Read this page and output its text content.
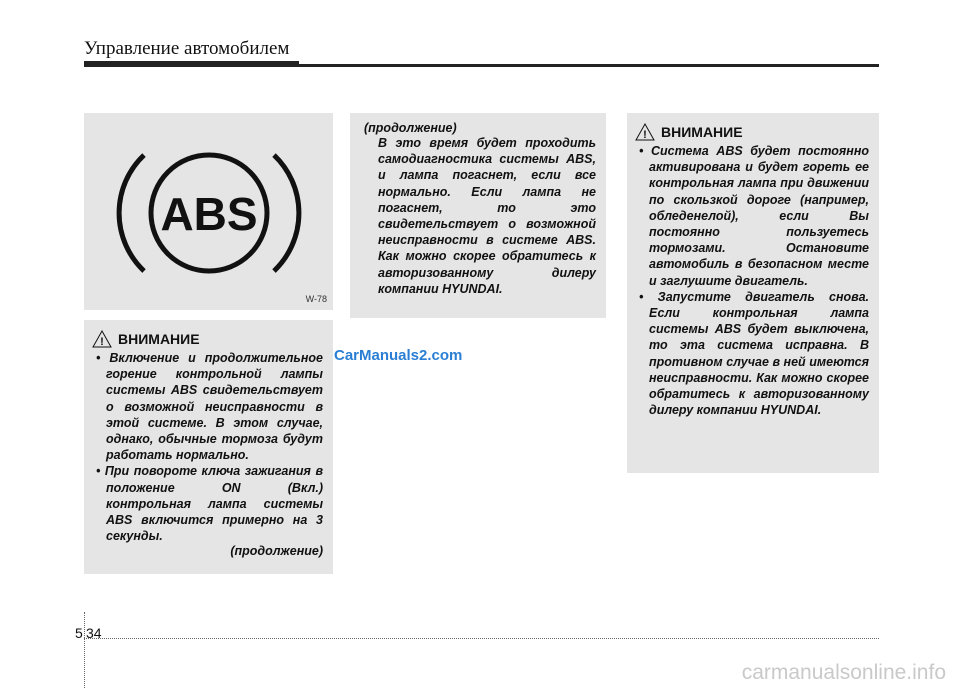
Управление автомобилем
ABS
W-78
! ВНИМАНИЕ
• Включение и продолжительное горение контрольной лампы системы ABS свидетельствует о возможной неисправности в этой системе. В этом случае, однако, обычные тормоза будут работать нормально.
• При повороте ключа зажигания в положение ON (Вкл.) контрольная лампа системы ABS включится примерно на 3 секунды.
(продолжение)
(продолжение)
В это время будет проходить самодиагностика системы ABS, и лампа погаснет, если все нормально. Если лампа не погаснет, то это свидетельствует о возможной неисправности в системе ABS. Как можно скорее обратитесь к авторизованному дилеру компании HYUNDAI.
! ВНИМАНИЕ
• Система ABS будет постоянно активирована и будет гореть ее контрольная лампа при движении по скользкой дороге (например, обледенелой), если Вы постоянно пользуетесь тормозами. Остановите автомобиль в безопасном месте и заглушите двигатель.
• Запустите двигатель снова. Если контрольная лампа системы ABS будет выключена, то эта система исправна. В противном случае в ней имеются неисправности. Как можно скорее обратитесь к авторизованному дилеру компании HYUNDAI.
CarManuals2.com
5 34
carmanualsonline.info
